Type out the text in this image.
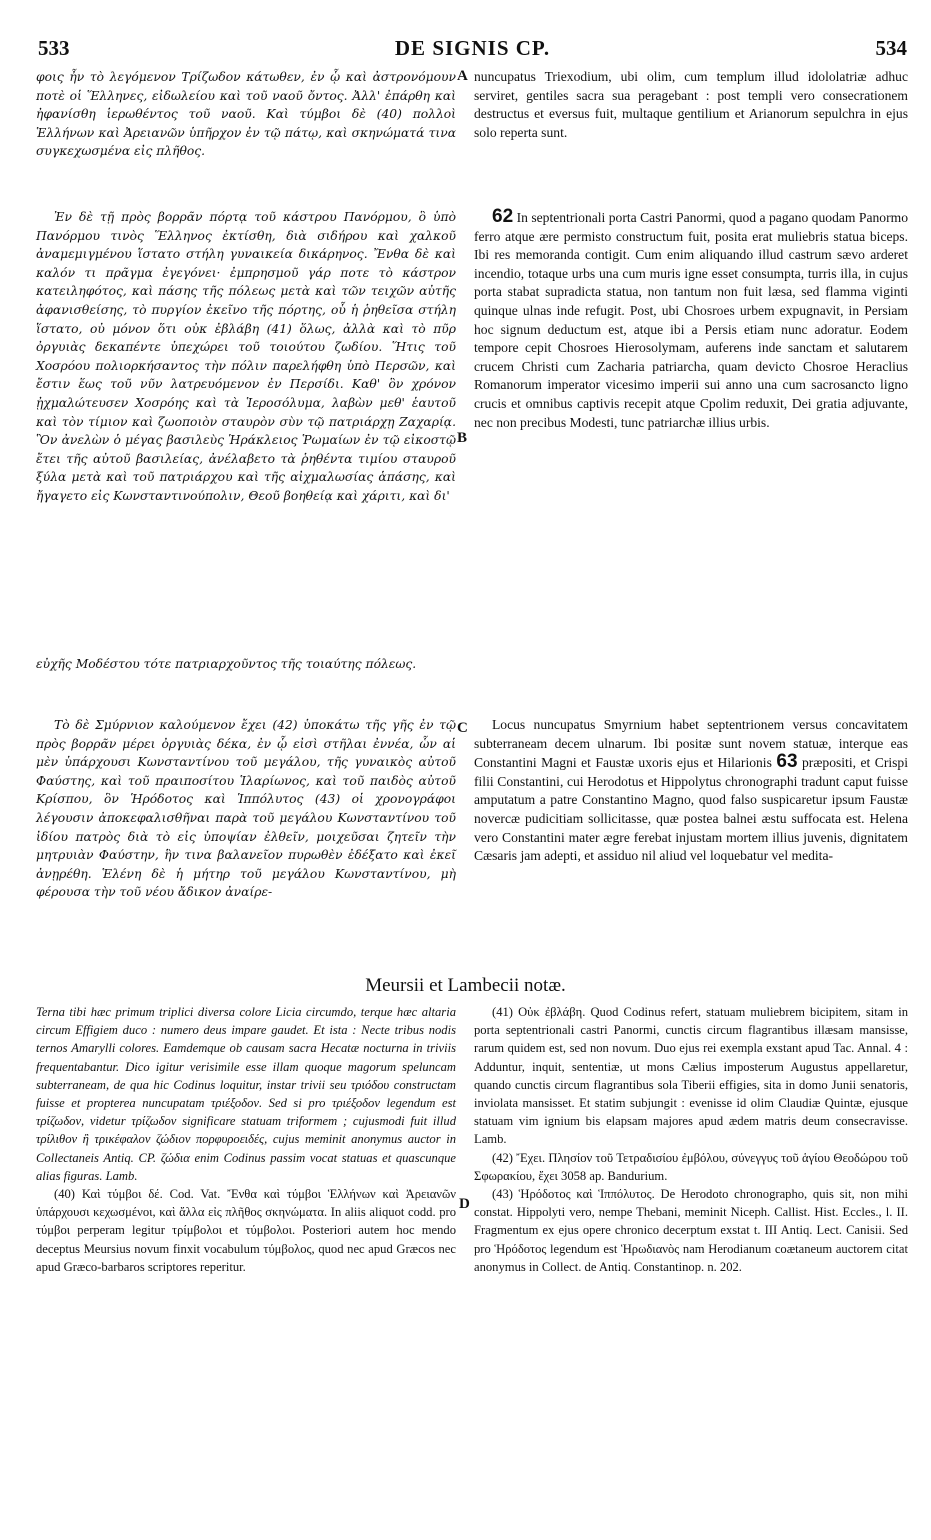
533	DE SIGNIS CP.	534
A
B
C
D

φοις ἦν τὸ λεγόμενον Τρίζωδον κάτωθεν, ἐν ᾧ καὶ ἀστρονόμουν ποτὲ οἱ Ἕλληνες, εἰδωλείου καὶ τοῦ ναοῦ ὄντος. Ἀλλ' ἐπάρθη καὶ ἠφανίσθη ἱερωθέντος τοῦ ναοῦ. Καὶ τύμβοι δὲ (40) πολλοὶ Ἑλλήνων καὶ Ἀρειανῶν ὑπῆρχον ἐν τῷ πάτῳ, καὶ σκηνώματά τινα συγκεχωσμένα εἰς πλῆθος.

Ἐν δὲ τῇ πρὸς βορρᾶν πόρτᾳ τοῦ κάστρου Πανόρμου, ὃ ὑπὸ Πανόρμου τινὸς Ἕλληνος ἐκτίσθη, διὰ σιδήρου καὶ χαλκοῦ ἀναμεμιγμένου ἵστατο στήλη γυναικεία δικάρηνος. Ἔνθα δὲ καὶ καλόν τι πρᾶγμα ἐγεγόνει· ἐμπρησμοῦ γάρ ποτε τὸ κάστρον κατειληφότος, καὶ πάσης τῆς πόλεως μετὰ καὶ τῶν τειχῶν αὐτῆς ἀφανισθείσης, τὸ πυργίον ἐκεῖνο τῆς πόρτης, οὗ ἡ ῥηθεῖσα στήλη ἵστατο, οὐ μόνον ὅτι οὐκ ἐβλάβη (41) ὅλως, ἀλλὰ καὶ τὸ πῦρ ὀργυιὰς δεκαπέντε ὑπεχώρει τοῦ τοιούτου ζωδίου. Ἥτις τοῦ Χοσρόου πολιορκήσαντος τὴν πόλιν παρελήφθη ὑπὸ Περσῶν, καὶ ἔστιν ἕως τοῦ νῦν λατρευόμενον ἐν Περσίδι. Καθ' ὃν χρόνον ᾐχμαλώτευσεν Χοσρόης καὶ τὰ Ἱεροσόλυμα, λαβὼν μεθ' ἑαυτοῦ καὶ τὸν τίμιον καὶ ζωοποιὸν σταυρὸν σὺν τῷ πατριάρχῃ Ζαχαρίᾳ. Ὃν ἀνελὼν ὁ μέγας βασιλεὺς Ἡράκλειος Ῥωμαίων ἐν τῷ εἰκοστῷ ἔτει τῆς αὐτοῦ βασιλείας, ἀνέλαβετο τὰ ῥηθέντα τιμίου σταυροῦ ξύλα μετὰ καὶ τοῦ πατριάρχου καὶ τῆς αἰχμαλωσίας ἁπάσης, καὶ ἤγαγετο εἰς Κωνσταντινούπολιν, Θεοῦ βοηθείᾳ καὶ χάριτι, καὶ δι'

nuncupatus Triexodium, ubi olim, cum templum illud idololatriæ adhuc serviret, gentiles sacra sua peragebant : post templi vero consecrationem destructus et eversus fuit, multaque gentilium et Arianorum sepulchra in ejus solo reperta sunt.

62 In septentrionali porta Castri Panormi, quod a pagano quodam Panormo ferro atque ære permisto constructum fuit, posita erat muliebris statua biceps. Ibi res memoranda contigit. Cum enim aliquando illud castrum sævo arderet incendio, totaque urbs una cum muris igne esset consumpta, turris illa, in cujus porta stabat supradicta statua, non tantum non fuit læsa, sed flamma viginti quinque ulnas inde refugit. Post, ubi Chosroes urbem expugnavit, in Persiam hoc signum deductum est, atque ibi a Persis etiam nunc adoratur. Eodem tempore cepit Chosroes Hierosolymam, auferens inde sanctam et salutarem crucem Christi cum Zacharia patriarcha, quam devicto Chosroe Heraclius Romanorum imperator vicesimo imperii sui anno una cum sacrosancto ligno crucis et omnibus captivis recepit atque Cpolim reduxit, Dei gratia adjuvante, nec non precibus Modesti, tunc patriarchæ illius urbis.

εὐχῆς Μοδέστου τότε πατριαρχοῦντος τῆς τοιαύτης πόλεως.

Τὸ δὲ Σμύρνιον καλούμενον ἔχει (42) ὑποκάτω τῆς γῆς ἐν τῷ πρὸς βορρᾶν μέρει ὀργυιὰς δέκα, ἐν ᾧ εἰσὶ στῆλαι ἐννέα, ὧν αἱ μὲν ὑπάρχουσι Κωνσταντίνου τοῦ μεγάλου, τῆς γυναικὸς αὐτοῦ Φαύστης, καὶ τοῦ πραιποσίτου Ἱλαρίωνος, καὶ τοῦ παιδὸς αὐτοῦ Κρίσπου, ὃν Ἡρόδοτος καὶ Ἱππόλυτος (43) οἱ χρονογράφοι λέγουσιν ἀποκεφαλισθῆναι παρὰ τοῦ μεγάλου Κωνσταντίνου τοῦ ἰδίου πατρὸς διὰ τὸ εἰς ὑποψίαν ἐλθεῖν, μοιχεῦσαι ζητεῖν τὴν μητρυιὰν Φαύστην, ἣν τινα βαλανεῖον πυρωθὲν ἐδέξατο καὶ ἐκεῖ ἀνῃρέθη. Ἑλένη δὲ ἡ μήτηρ τοῦ μεγάλου Κωνσταντίνου, μὴ φέρουσα τὴν τοῦ νέου ἄδικον ἀναίρε-

Locus nuncupatus Smyrnium habet septentrionem versus concavitatem subterraneam decem ulnarum. Ibi positæ sunt novem statuæ, interque eas Constantini Magni et Faustæ uxoris ejus et Hilarionis 63 præpositi, et Crispi filii Constantini, cui Herodotus et Hippolytus chronographi tradunt caput fuisse amputatum a patre Constantino Magno, quod falso suspicaretur ipsum Faustæ novercæ pudicitiam sollicitasse, quæ postea balnei æstu suffocata est. Helena vero Constantini mater ægre ferebat injustam mortem illius juvenis, dignitatem Cæsaris jam adepti, et assiduo nil aliud vel loquebatur vel medita-

Meursii et Lambecii notæ.

Terna tibi hæc primum triplici diversa colore Licia circumdo, terque hæc altaria circum Effigiem duco : numero deus impare gaudet. Et ista : Necte tribus nodis ternos Amarylli colores. Eamdemque ob causam sacra Hecatæ nocturna in triviis frequentabantur. Dico igitur verisimile esse illam quoque magorum speluncam subterraneam, de qua hic Codinus loquitur, instar trivii seu τριόδου constructam fuisse et propterea nuncupatam τριέξοδον. Sed si pro τριέξοδον legendum est τρίζωδον, videtur τρίζωδον significare statuam triformem ; cujusmodi fuit illud τρίλιθον ἢ τρικέφαλον ζώδιον πορφυροειδές, cujus meminit anonymus auctor in Collectaneis Antiq. CP. ζώδια enim Codinus passim vocat statuas et quascunque alias figuras. Lamb.

(40) Καὶ τύμβοι δέ. Cod. Vat. Ἔνθα καὶ τύμβοι Ἑλλήνων καὶ Ἀρειανῶν ὑπάρχουσι κεχωσμένοι, καὶ ἄλλα εἰς πλῆθος σκηνώματα. In aliis aliquot codd. pro τύμβοι perperam legitur τρίμβολοι et τύμβολοι. Posteriori autem hoc mendo deceptus Meursius novum finxit vocabulum τύμβολος, quod nec apud Græcos nec apud Græco-barbaros scriptores reperitur.

(41) Οὐκ ἐβλάβη. Quod Codinus refert, statuam muliebrem bicipitem, sitam in porta septentrionali castri Panormi, cunctis circum flagrantibus illæsam mansisse, rarum quidem est, sed non novum. Duo ejus rei exempla exstant apud Tac. Annal. 4 : Adduntur, inquit, sententiæ, ut mons Cælius imposterum Augustus appellaretur, quando cunctis circum flagrantibus sola Tiberii effigies, sita in domo Junii senatoris, inviolata mansisset. Et statim subjungit : evenisse id olim Claudiæ Quintæ, ejusque statuam vim ignium bis elapsam majores apud ædem matris deum consecravisse. Lamb.

(42) Ἔχει. Πλησίον τοῦ Τετραδισίου ἐμβόλου, σύνεγγυς τοῦ ἁγίου Θεοδώρου τοῦ Σφωρακίου, ἔχει 3058 ap. Bandurium.

(43) Ἡρόδοτος καὶ Ἱππόλυτος. De Herodoto chronographo, quis sit, non mihi constat. Hippolyti vero, nempe Thebani, meminit Niceph. Callist. Hist. Eccles., l. II. Fragmentum ex ejus opere chronico decerptum exstat t. III Antiq. Lect. Canisii. Sed pro Ἡρόδοτος legendum est Ἡρωδιανὸς nam Herodianum coætaneum auctorem citat anonymus in Collect. de Antiq. Constantinop. n. 202.
